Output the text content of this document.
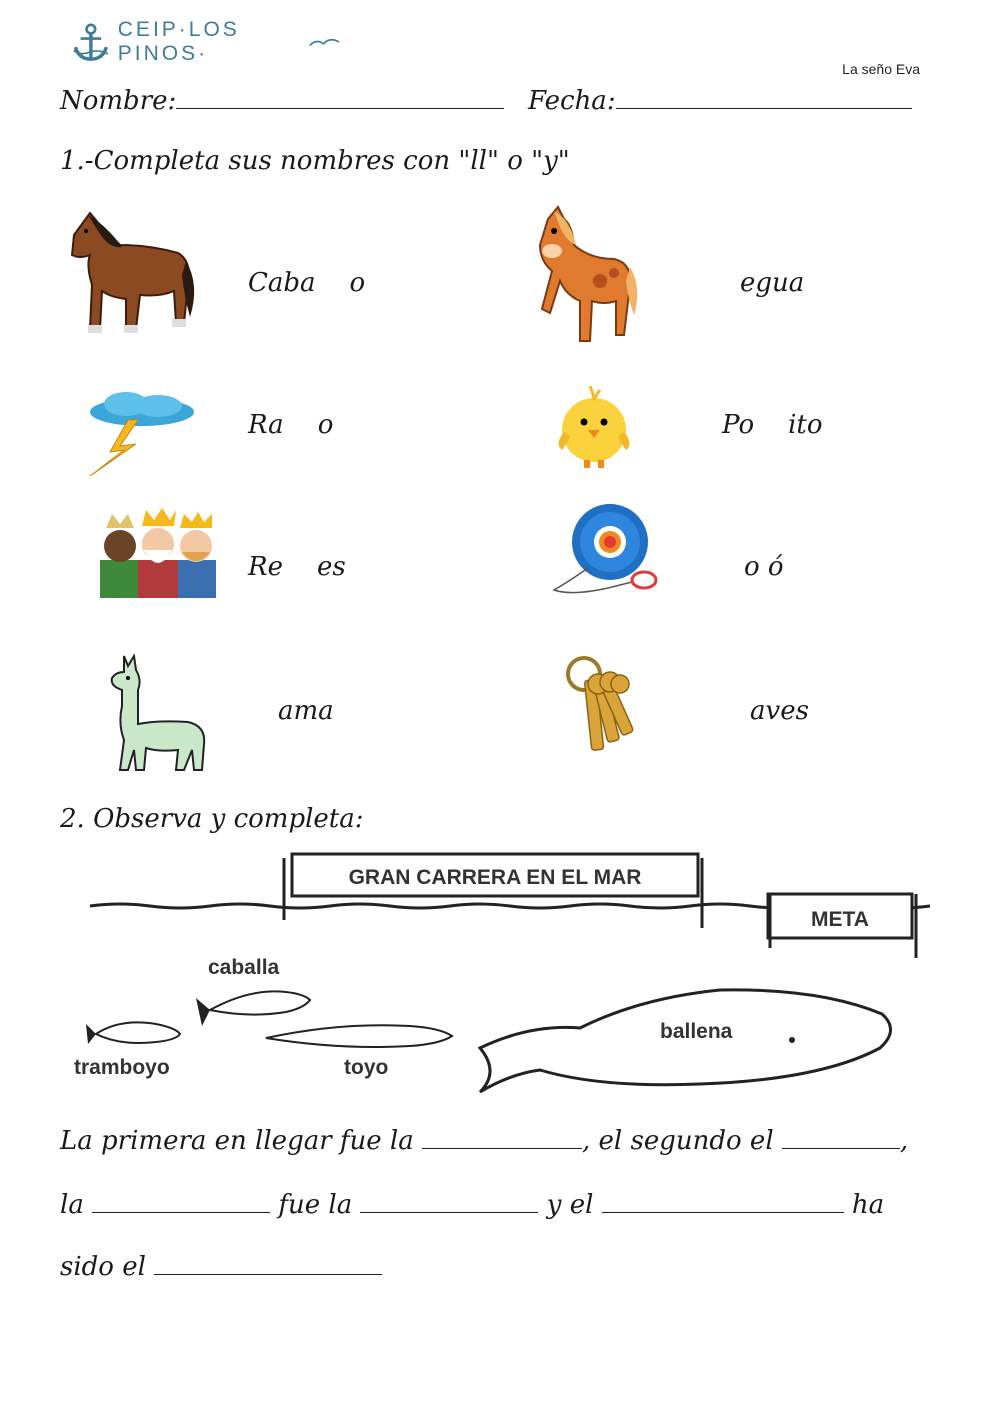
CEIP·LOS PINOS·
La seño Eva
Nombre:	Fecha:
1.-Completa sus nombres con "ll" o "y"
Caba o	egua
Ra o	Po ito
Re es	o ó
ama	aves
2. Observa y completa:
GRAN CARRERA EN EL MAR
META
tramboyo
caballa
toyo
ballena
La primera en llegar fue la	, el segundo el	,
la	fue la	y el	ha
sido el
